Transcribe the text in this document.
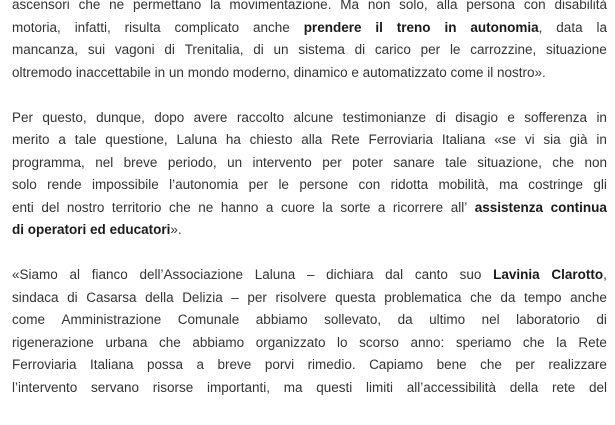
ascensori che ne permettano la movimentazione. Ma non solo, alla persona con disabilità
motoria, infatti, risulta complicato anche prendere il treno in autonomia, data la
mancanza, sui vagoni di Trenitalia, di un sistema di carico per le carrozzine, situazione
oltremodo inaccettabile in un mondo moderno, dinamico e automatizzato come il nostro».
Per questo, dunque, dopo avere raccolto alcune testimonianze di disagio e sofferenza in
merito a tale questione, Laluna ha chiesto alla Rete Ferroviaria Italiana «se vi sia già in
programma, nel breve periodo, un intervento per poter sanare tale situazione, che non
solo rende impossibile l’autonomia per le persone con ridotta mobilità, ma costringe gli
enti del nostro territorio che ne hanno a cuore la sorte a ricorrere all’ assistenza continua
di operatori ed educatori».
«Siamo al fianco dell’Associazione Laluna – dichiara dal canto suo Lavinia Clarotto,
sindaca di Casarsa della Delizia – per risolvere questa problematica che da tempo anche
come Amministrazione Comunale abbiamo sollevato, da ultimo nel laboratorio di
rigenerazione urbana che abbiamo organizzato lo scorso anno: speriamo che la Rete
Ferroviaria Italiana possa a breve porvi rimedio. Capiamo bene che per realizzare
l’intervento servano risorse importanti, ma questi limiti all’accessibilità della rete del
